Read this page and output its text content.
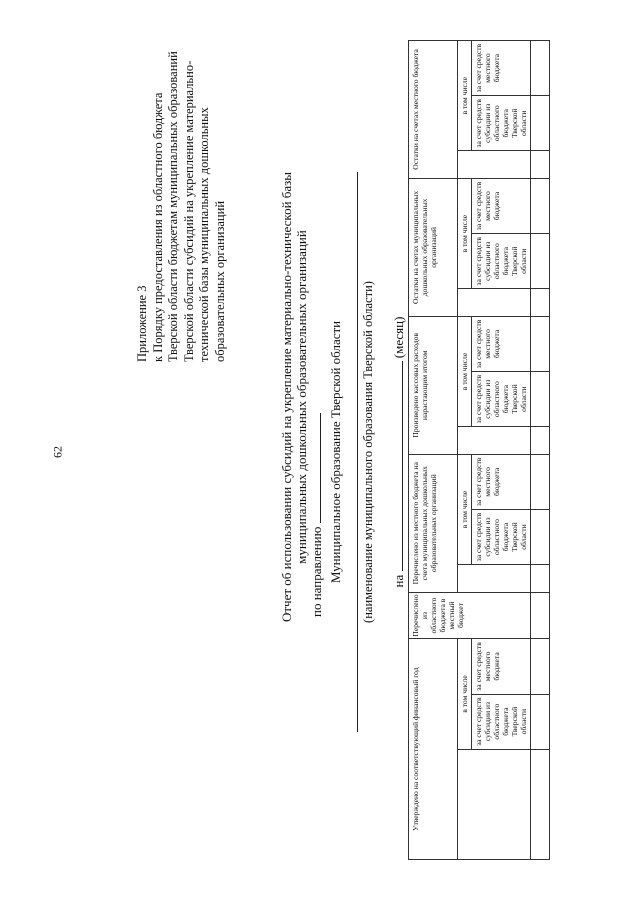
62
Приложение 3 к Порядку предоставления из областного бюджета Тверской области бюджетам муниципальных образований Тверской области субсидий на укрепление материально- технической базы муниципальных дошкольных образовательных организаций	Отчет об использовании субсидий на укрепление материально-технической базы муниципальных дошкольных образовательных организаций
по направлению Муниципальное образование Тверской области (наименование муниципального образования Тверской области) на  (месяц)
Утверждено на соответствующий финансовый год			Перечислено из областного бюджета в местный бюджет	Перечислено из местного бюджета на счета муниципальных дошкольных образовательных организаций			Произведено кассовых расходов нарастающим итогом			Остатки на счетах муниципальных дошкольных образовательных организаций			Остатки на счетах местного бюджета		
	в том числе				в том числе			в том числе			в том числе			в том числе	
	за счет средств субсидии из областного бюджета Тверской области	за счет средств местного бюджета			за счет средств субсидии из областного бюджета Тверской области	за счет средств местного бюджета		за счет средств субсидии из областного бюджета Тверской области	за счет средств местного бюджета		за счет средств субсидии из областного бюджета Тверской области	за счет средств местного бюджета		за счет средств субсидии из областного бюджета Тверской области	за счет средств местного бюджета
